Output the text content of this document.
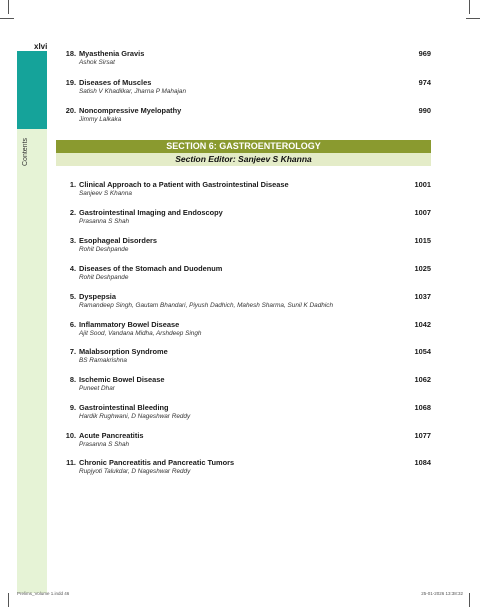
xlvi
Contents
18. Myasthenia Gravis	969
Ashok Sirsat
19. Diseases of Muscles	974
Satish V Khadilkar, Jharna P Mahajan
20. Noncompressive Myelopathy	990
Jimmy Lalkaka
SECTION 6: GASTROENTEROLOGY
Section Editor: Sanjeev S Khanna
1. Clinical Approach to a Patient with Gastrointestinal Disease	1001
Sanjeev S Khanna
2. Gastrointestinal Imaging and Endoscopy	1007
Prasanna S Shah
3. Esophageal Disorders	1015
Rohit Deshpande
4. Diseases of the Stomach and Duodenum	1025
Rohit Deshpande
5. Dyspepsia	1037
Ramandeep Singh, Gautam Bhandari, Piyush Dadhich, Mahesh Sharma, Sunil K Dadhich
6. Inflammatory Bowel Disease	1042
Ajit Sood, Vandana Midha, Arshdeep Singh
7. Malabsorption Syndrome	1054
BS Ramakrishna
8. Ischemic Bowel Disease	1062
Puneet Dhar
9. Gastrointestinal Bleeding	1068
Hardik Rughwani, D Nageshwar Reddy
10. Acute Pancreatitis	1077
Prasanna S Shah
11. Chronic Pancreatitis and Pancreatic Tumors	1084
Rupjyoti Talukdar, D Nageshwar Reddy
Prelims_Volume 1.indd 46	25-01-2026 13:38:32
